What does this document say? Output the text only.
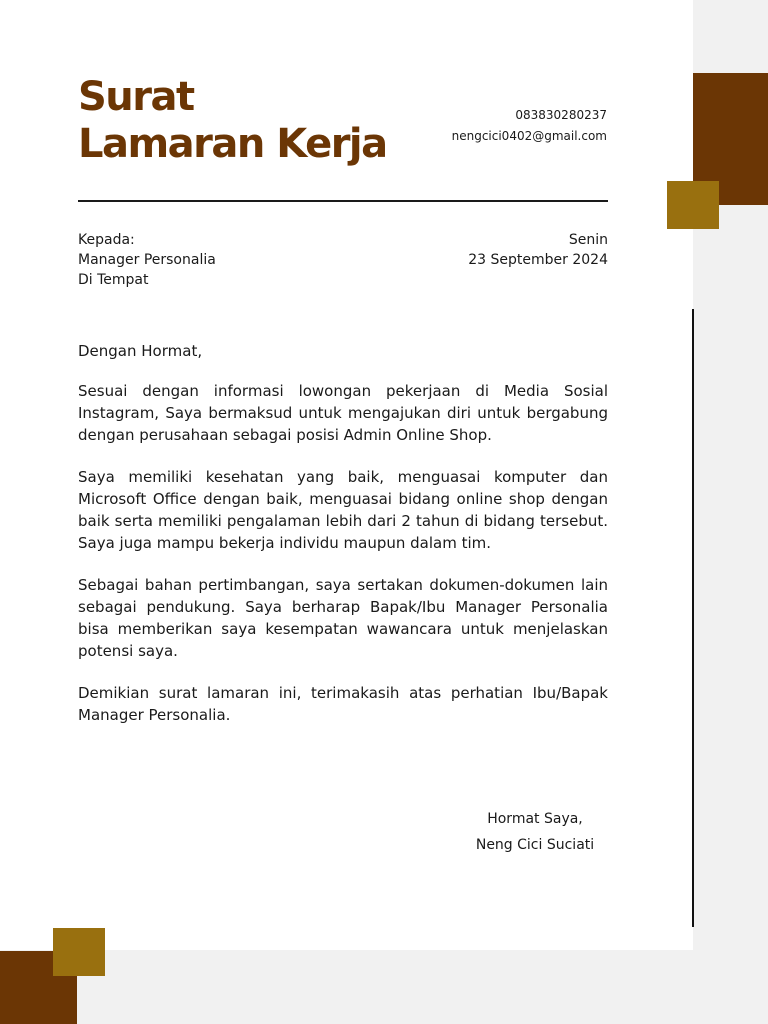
Surat
Lamaran Kerja
083830280237
nengcici0402@gmail.com
Kepada:
Manager Personalia
Di Tempat
Senin
23 September 2024

Dengan Hormat,

Sesuai dengan informasi lowongan pekerjaan di Media Sosial Instagram, Saya bermaksud untuk mengajukan diri untuk bergabung dengan perusahaan sebagai posisi Admin Online Shop.

Saya memiliki kesehatan yang baik, menguasai komputer dan Microsoft Office dengan baik, menguasai bidang online shop dengan baik serta memiliki pengalaman lebih dari 2 tahun di bidang tersebut. Saya juga mampu bekerja individu maupun dalam tim.

Sebagai bahan pertimbangan, saya sertakan dokumen-dokumen lain sebagai pendukung. Saya berharap Bapak/Ibu Manager Personalia bisa memberikan saya kesempatan wawancara untuk menjelaskan potensi saya.

Demikian surat lamaran ini, terimakasih atas perhatian Ibu/Bapak Manager Personalia.

Hormat Saya,
Neng Cici Suciati
